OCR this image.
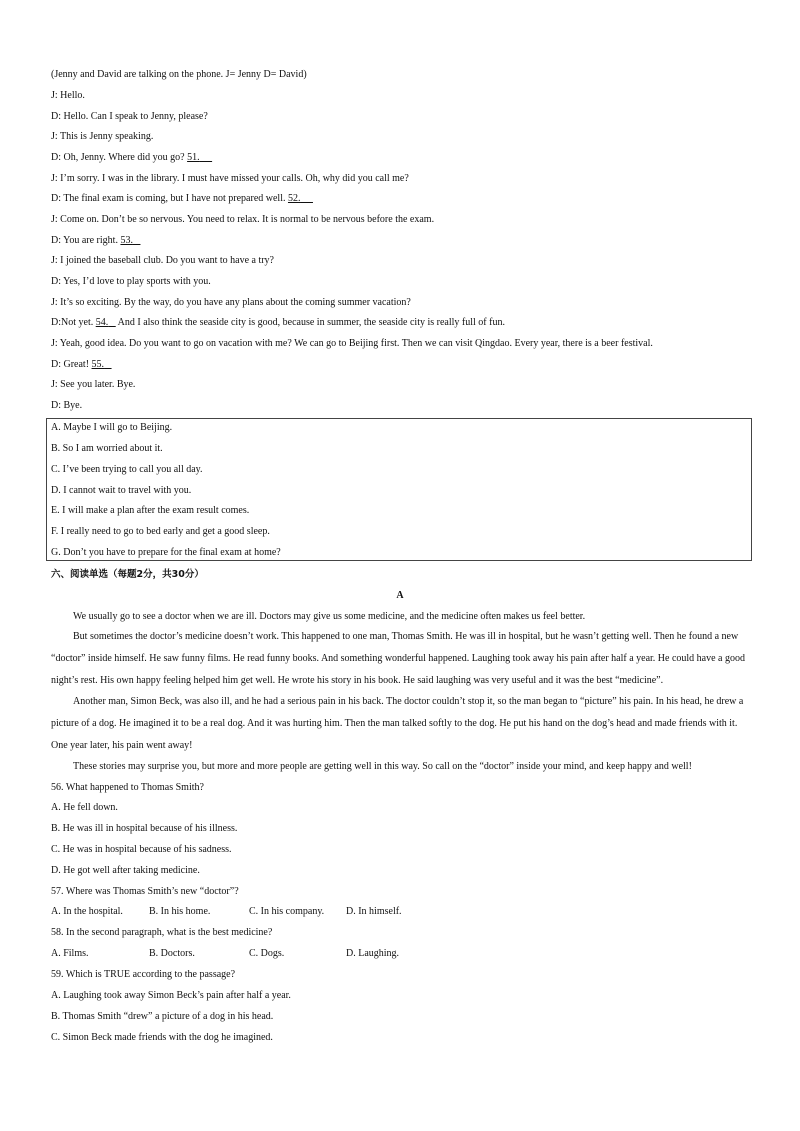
(Jenny and David are talking on the phone. J= Jenny D= David)
J: Hello.
D: Hello. Can I speak to Jenny, please?
J: This is Jenny speaking.
D: Oh, Jenny. Where did you go? 51.
J: I’m sorry. I was in the library. I must have missed your calls. Oh, why did you call me?
D: The final exam is coming, but I have not prepared well. 52.
J: Come on. Don’t be so nervous. You need to relax. It is normal to be nervous before the exam.
D: You are right. 53.
J: I joined the baseball club. Do you want to have a try?
D: Yes, I’d love to play sports with you.
J: It’s so exciting. By the way, do you have any plans about the coming summer vacation?
D:Not yet. 54.    And I also think the seaside city is good, because in summer, the seaside city is really full of fun.
J: Yeah, good idea. Do you want to go on vacation with me? We can go to Beijing first. Then we can visit Qingdao. Every year, there is a beer festival.
D: Great! 55.
J: See you later. Bye.
D: Bye.
A. Maybe I will go to Beijing.
B. So I am worried about it.
C. I’ve been trying to call you all day.
D. I cannot wait to travel with you.
E. I will make a plan after the exam result comes.
F. I really need to go to bed early and get a good sleep.
G. Don’t you have to prepare for the final exam at home?
六、阅读单选（每题2分，共30分）
A
We usually go to see a doctor when we are ill. Doctors may give us some medicine, and the medicine often makes us feel better.
But sometimes the doctor’s medicine doesn’t work. This happened to one man, Thomas Smith. He was ill in hospital, but he wasn’t getting well. Then he found a new
“doctor” inside himself. He saw funny films. He read funny books. And something wonderful happened. Laughing took away his pain after half a year. He could have a good
night’s rest. His own happy feeling helped him get well. He wrote his story in his book. He said laughing was very useful and it was the best “medicine”.
Another man, Simon Beck, was also ill, and he had a serious pain in his back. The doctor couldn’t stop it, so the man began to “picture” his pain. In his head, he drew a
picture of a dog. He imagined it to be a real dog. And it was hurting him. Then the man talked softly to the dog. He put his hand on the dog’s head and made friends with it.
One year later, his pain went away!
These stories may surprise you, but more and more people are getting well in this way. So call on the “doctor” inside your mind, and keep happy and well!
56. What happened to Thomas Smith?
A. He fell down.
B. He was ill in hospital because of his illness.
C. He was in hospital because of his sadness.
D. He got well after taking medicine.
57. Where was Thomas Smith’s new “doctor”?
A. In the hospital.	B. In his home.	C. In his company. D. In himself.
58. In the second paragraph, what is the best medicine?
A. Films.	B. Doctors.	C. Dogs.	D. Laughing.
59. Which is TRUE according to the passage?
A. Laughing took away Simon Beck’s pain after half a year.
B. Thomas Smith “drew” a picture of a dog in his head.
C. Simon Beck made friends with the dog he imagined.
